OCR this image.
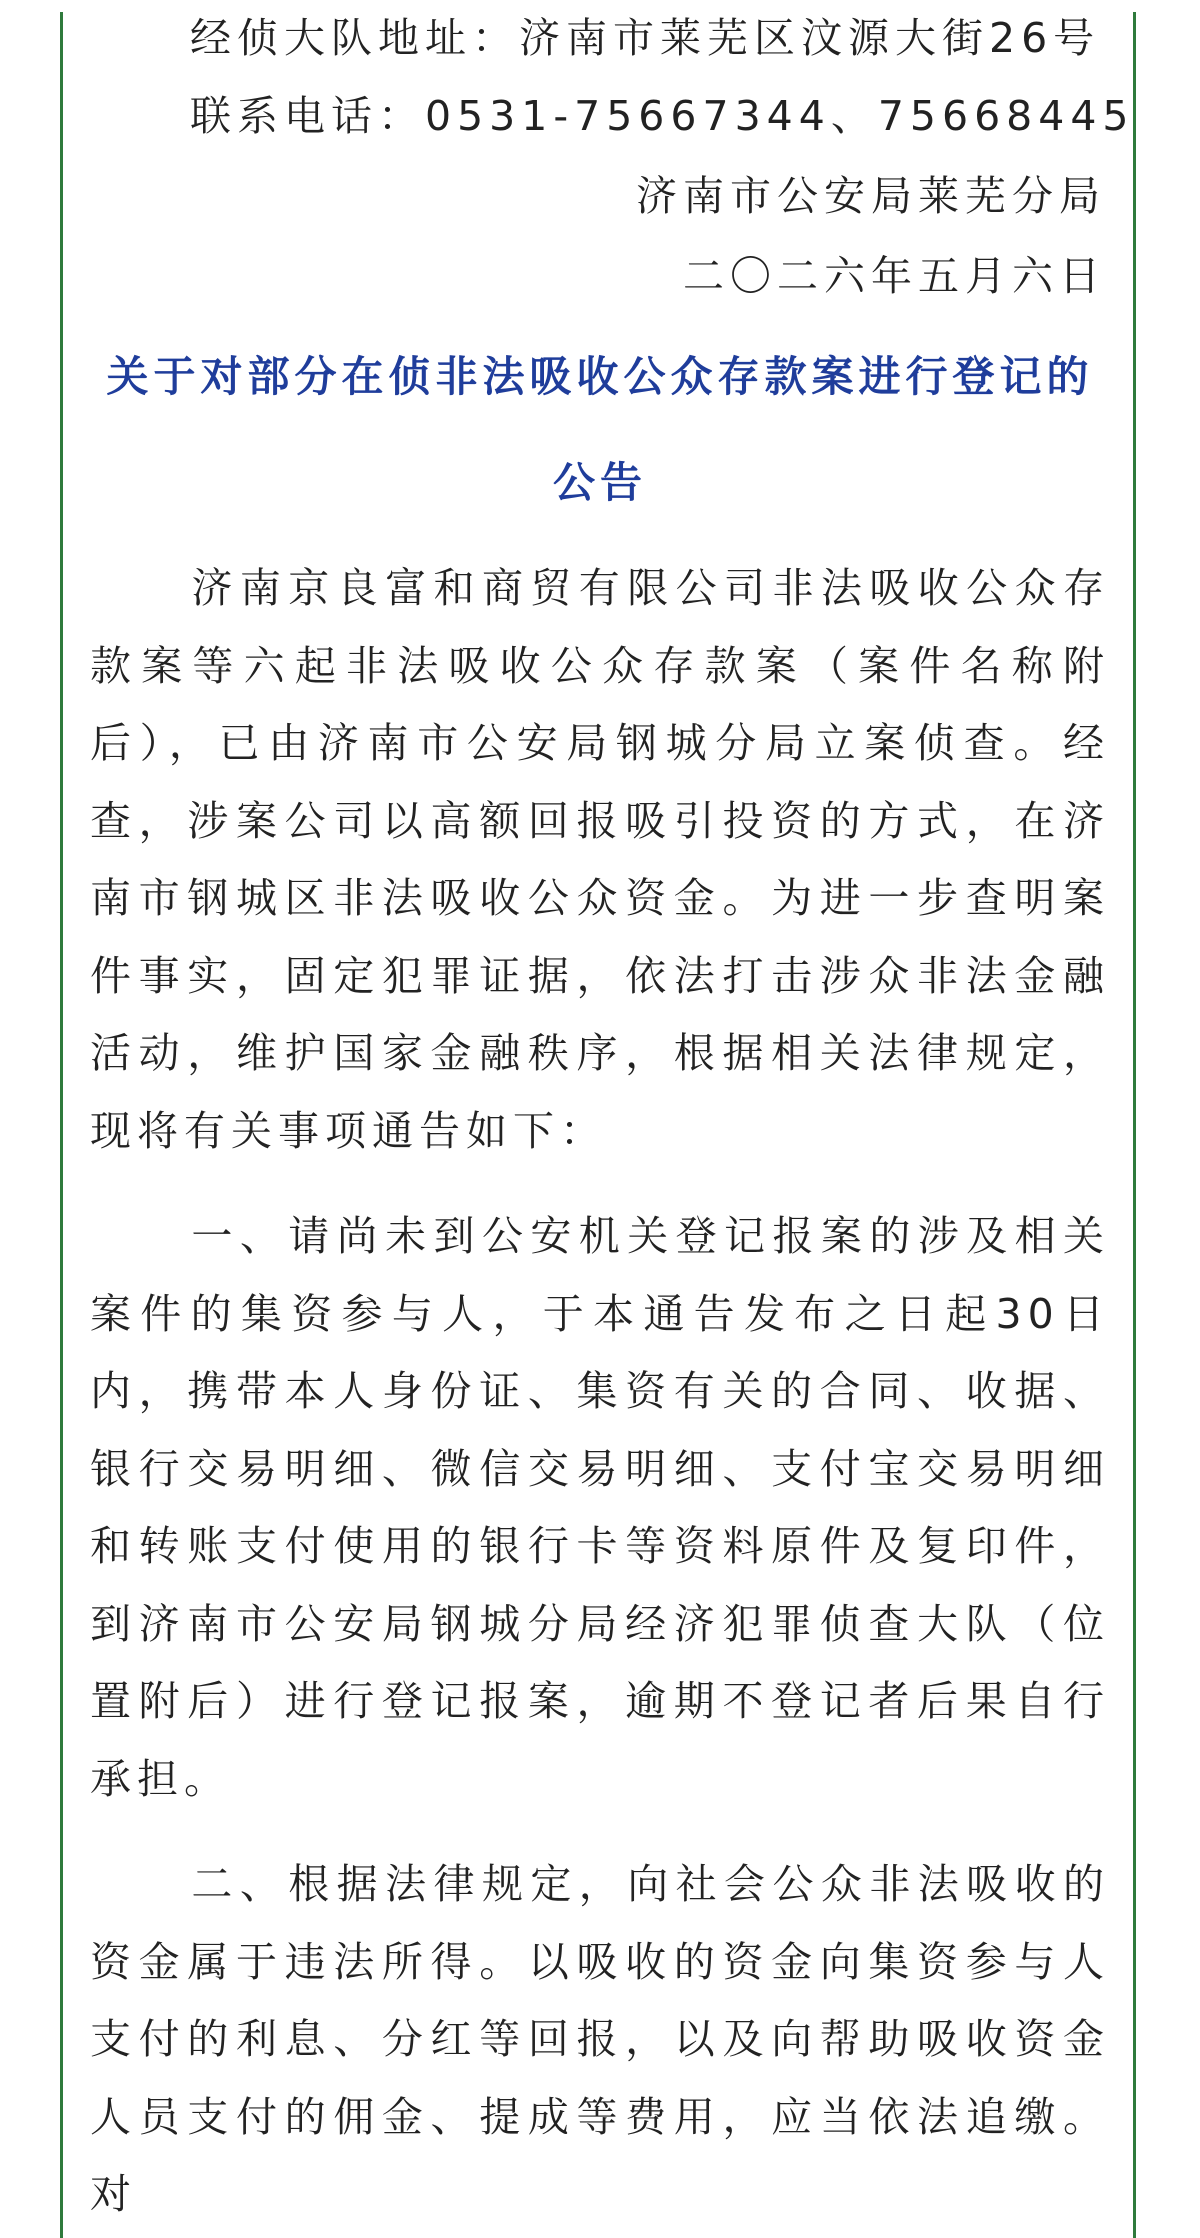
经侦大队地址：济南市莱芜区汶源大街26号
联系电话：0531-75667344、75668445
济南市公安局莱芜分局
二〇二六年五月六日
关于对部分在侦非法吸收公众存款案进行登记的
公告

济南京良富和商贸有限公司非法吸收公众存款案等六起非法吸收公众存款案（案件名称附后），已由济南市公安局钢城分局立案侦查。经查，涉案公司以高额回报吸引投资的方式，在济南市钢城区非法吸收公众资金。为进一步查明案件事实，固定犯罪证据，依法打击涉众非法金融活动，维护国家金融秩序，根据相关法律规定，现将有关事项通告如下：

一、请尚未到公安机关登记报案的涉及相关案件的集资参与人，于本通告发布之日起30日内，携带本人身份证、集资有关的合同、收据、银行交易明细、微信交易明细、支付宝交易明细和转账支付使用的银行卡等资料原件及复印件，到济南市公安局钢城分局经济犯罪侦查大队（位置附后）进行登记报案，逾期不登记者后果自行承担。

二、根据法律规定，向社会公众非法吸收的资金属于违法所得。以吸收的资金向集资参与人支付的利息、分红等回报，以及向帮助吸收资金人员支付的佣金、提成等费用，应当依法追缴。对
